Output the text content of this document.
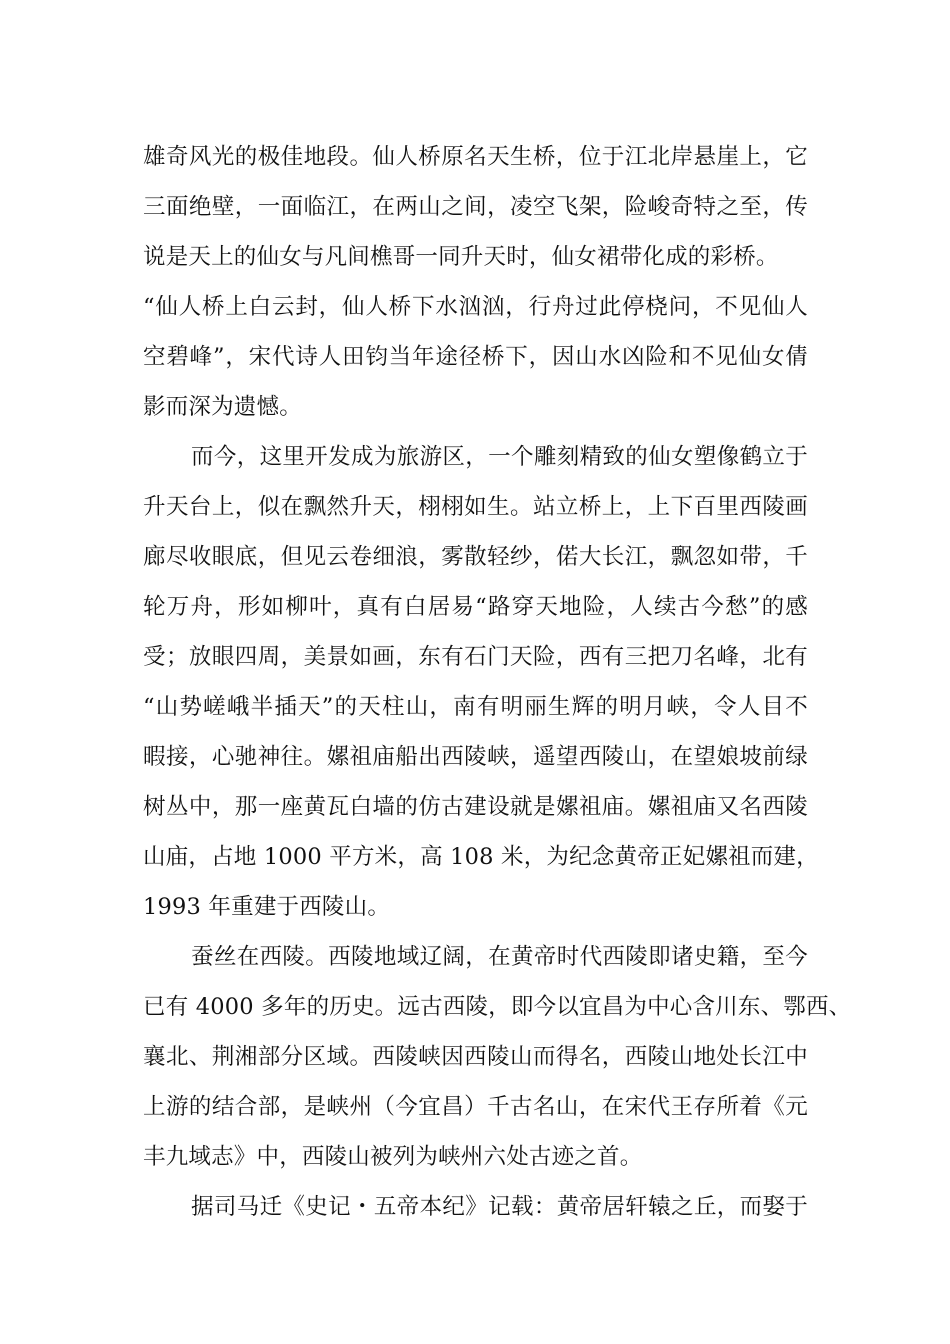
雄奇风光的极佳地段。仙人桥原名天生桥，位于江北岸悬崖上，它
三面绝壁，一面临江，在两山之间，凌空飞架，险峻奇特之至，传
说是天上的仙女与凡间樵哥一同升天时，仙女裙带化成的彩桥。
“仙人桥上白云封，仙人桥下水汹汹，行舟过此停桡问，不见仙人
空碧峰”，宋代诗人田钧当年途径桥下，因山水凶险和不见仙女倩
影而深为遗憾。
而今，这里开发成为旅游区，一个雕刻精致的仙女塑像鹤立于
升天台上，似在飘然升天，栩栩如生。站立桥上，上下百里西陵画
廊尽收眼底，但见云卷细浪，雾散轻纱，偌大长江，飘忽如带，千
轮万舟，形如柳叶，真有白居易“路穿天地险，人续古今愁”的感
受；放眼四周，美景如画，东有石门天险，西有三把刀名峰，北有
“山势嵯峨半插天”的天柱山，南有明丽生辉的明月峡，令人目不
暇接，心驰神往。嫘祖庙船出西陵峡，遥望西陵山，在望娘坡前绿
树丛中，那一座黄瓦白墙的仿古建设就是嫘祖庙。嫘祖庙又名西陵
山庙，占地 1000 平方米，高 108 米，为纪念黄帝正妃嫘祖而建，
1993 年重建于西陵山。
蚕丝在西陵。西陵地域辽阔，在黄帝时代西陵即诸史籍，至今
已有 4000 多年的历史。远古西陵，即今以宜昌为中心含川东、鄂西、
襄北、荆湘部分区域。西陵峡因西陵山而得名，西陵山地处长江中
上游的结合部，是峡州（今宜昌）千古名山，在宋代王存所着《元
丰九域志》中，西陵山被列为峡州六处古迹之首。
据司马迁《史记・五帝本纪》记载：黄帝居轩辕之丘，而娶于
